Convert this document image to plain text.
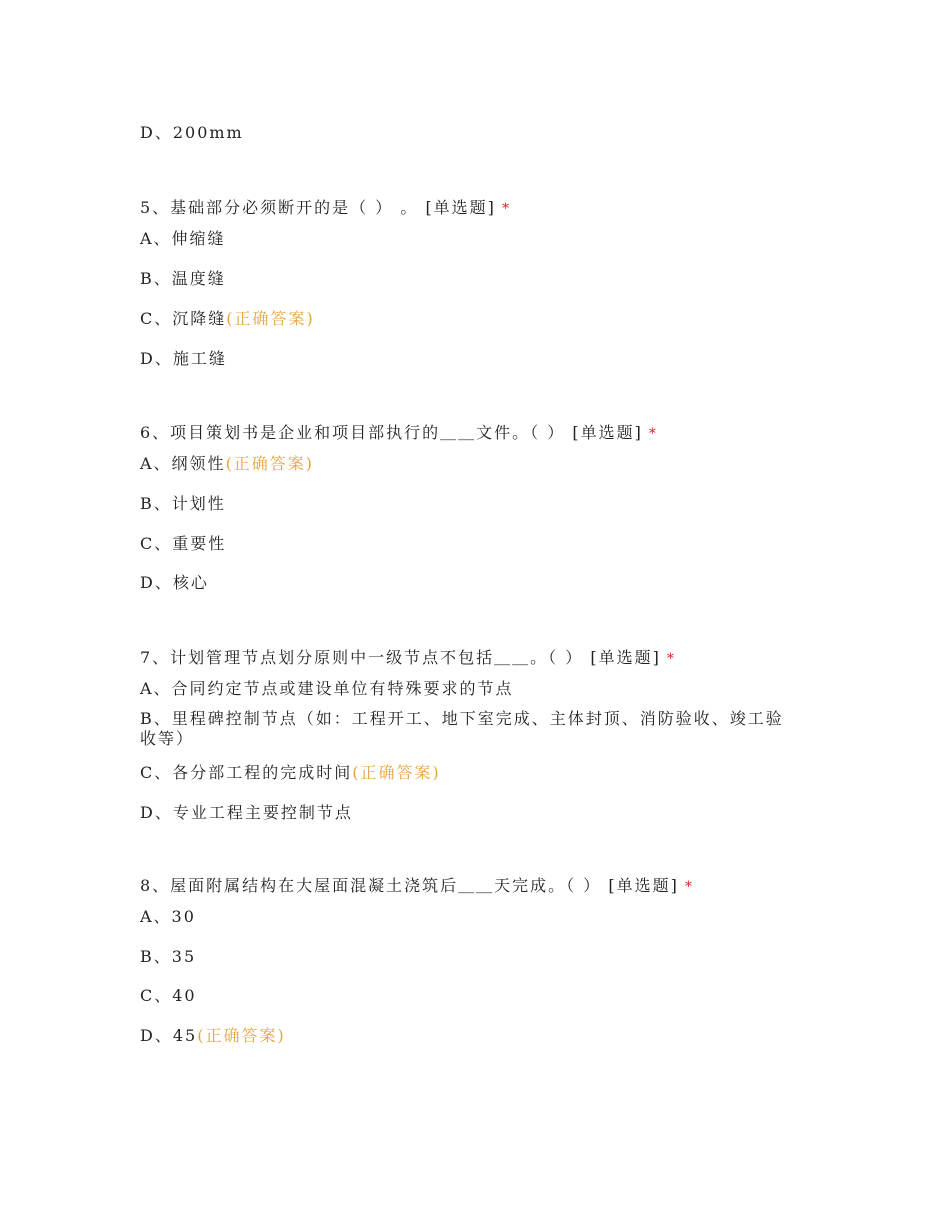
D、200mm
5、基础部分必须断开的是（ ） 。 [单选题] *
A、伸缩缝
B、温度缝
C、沉降缝(正确答案)
D、施工缝
6、项目策划书是企业和项目部执行的＿＿文件。（ ） [单选题] *
A、纲领性(正确答案)
B、计划性
C、重要性
D、核心
7、计划管理节点划分原则中一级节点不包括＿＿。（ ） [单选题] *
A、合同约定节点或建设单位有特殊要求的节点
B、里程碑控制节点（如：工程开工、地下室完成、主体封顶、消防验收、竣工验收等）
C、各分部工程的完成时间(正确答案)
D、专业工程主要控制节点
8、屋面附属结构在大屋面混凝土浇筑后＿＿天完成。（ ） [单选题] *
A、30
B、35
C、40
D、45(正确答案)
